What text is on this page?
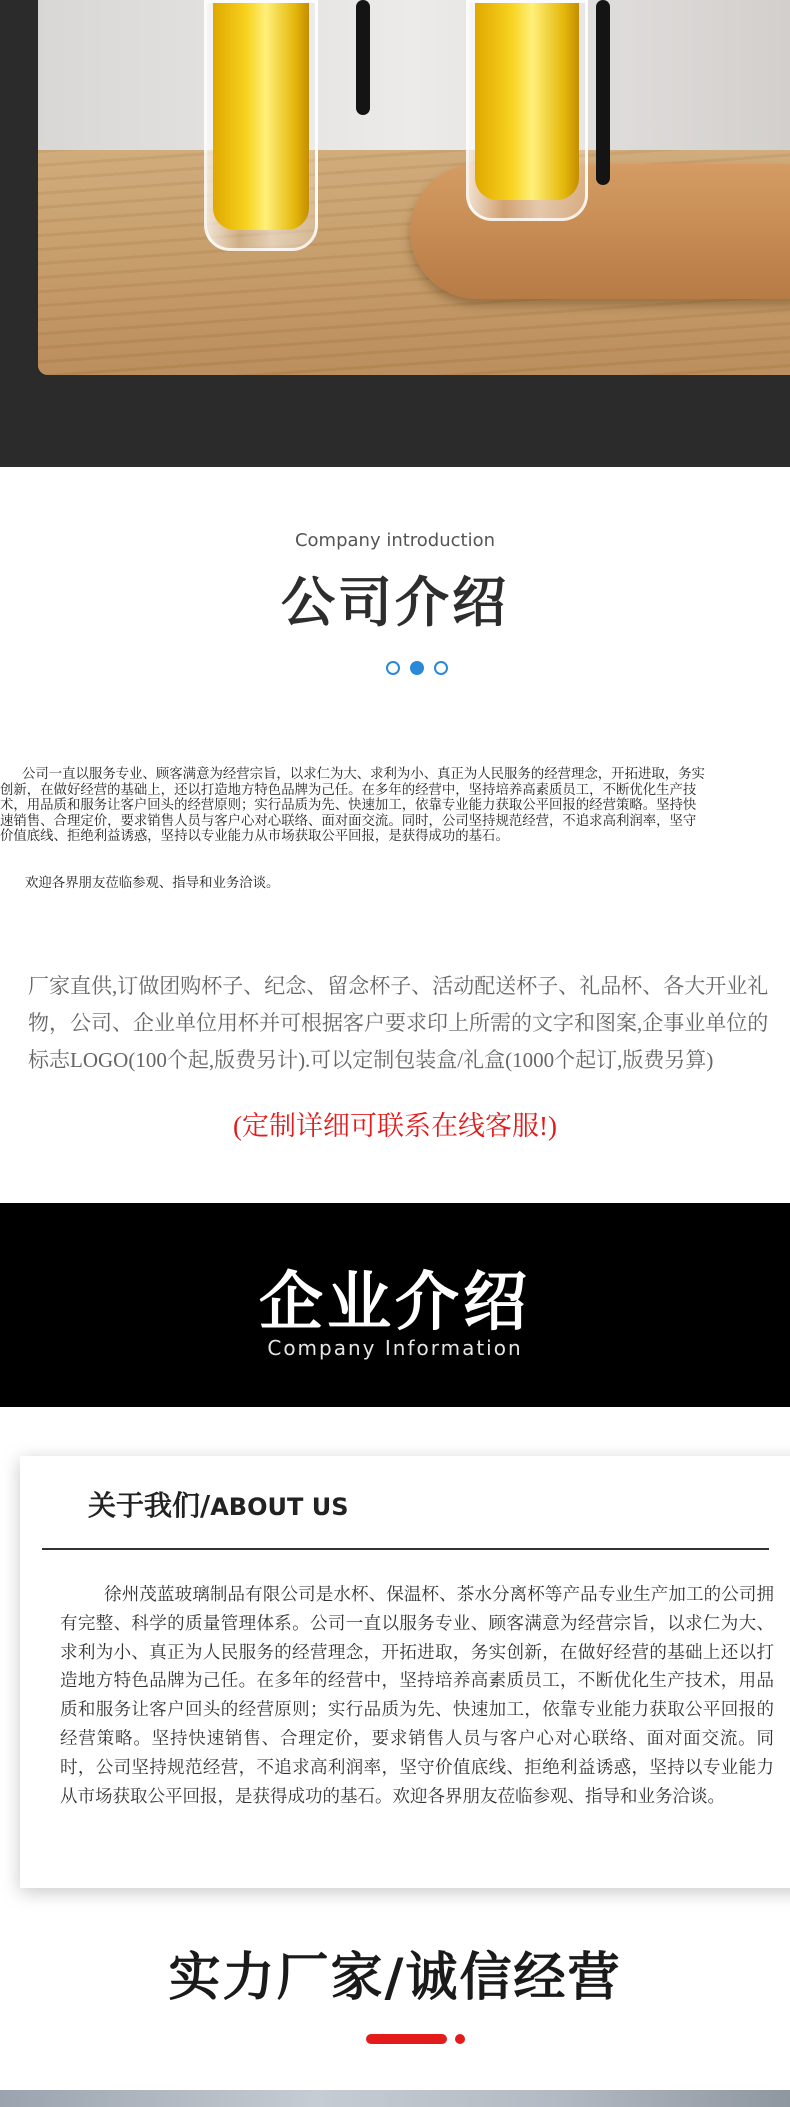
Company introduction
公司介绍
公司一直以服务专业、顾客满意为经营宗旨，以求仁为大、求利为小、真正为人民服务的经营理念，开拓进取，务实
创新，在做好经营的基础上，还以打造地方特色品牌为己任。在多年的经营中，坚持培养高素质员工，不断优化生产技
术，用品质和服务让客户回头的经营原则；实行品质为先、快速加工，依靠专业能力获取公平回报的经营策略。坚持快
速销售、合理定价，要求销售人员与客户心对心联络、面对面交流。同时，公司坚持规范经营，不追求高利润率，坚守
价值底线、拒绝利益诱惑，坚持以专业能力从市场获取公平回报，是获得成功的基石。
欢迎各界朋友莅临参观、指导和业务洽谈。
厂家直供,订做团购杯子、纪念、留念杯子、活动配送杯子、礼品杯、各大开业礼
物，公司、企业单位用杯并可根据客户要求印上所需的文字和图案,企事业单位的
标志LOGO(100个起,版费另计).可以定制包装盒/礼盒(1000个起订,版费另算)
(定制详细可联系在线客服!)
企业介绍
Company Information
关于我们/ABOUT US
徐州茂蓝玻璃制品有限公司是水杯、保温杯、茶水分离杯等产品专业生产加工的公司拥有完整、科学的质量管理体系。公司一直以服务专业、顾客满意为经营宗旨，以求仁为大、求利为小、真正为人民服务的经营理念，开拓进取，务实创新，在做好经营的基础上还以打造地方特色品牌为己任。在多年的经营中，坚持培养高素质员工，不断优化生产技术，用品质和服务让客户回头的经营原则；实行品质为先、快速加工，依靠专业能力获取公平回报的经营策略。坚持快速销售、合理定价，要求销售人员与客户心对心联络、面对面交流。同时，公司坚持规范经营，不追求高利润率，坚守价值底线、拒绝利益诱惑，坚持以专业能力从市场获取公平回报，是获得成功的基石。欢迎各界朋友莅临参观、指导和业务洽谈。
实力厂家/诚信经营
